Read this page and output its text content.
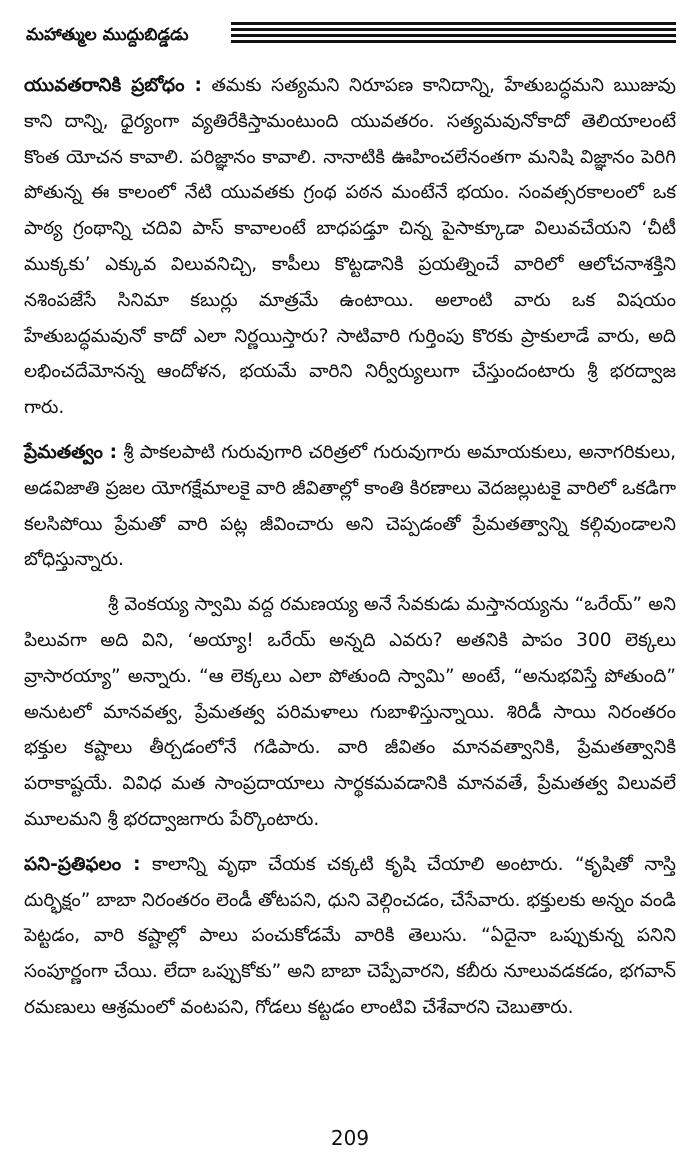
మహాత్ముల ముద్దుబిడ్డడు

యువతరానికి ప్రబోధం : తమకు సత్యమని నిరూపణ కానిదాన్ని, హేతుబద్ధమని ఋజువు కాని దాన్ని, ధైర్యంగా వ్యతిరేకిస్తామంటుంది యువతరం. సత్యమవునోకాదో తెలియాలంటే కొంత యోచన కావాలి. పరిజ్ఞానం కావాలి. నానాటికి ఊహించలేనంతగా మనిషి విజ్ఞానం పెరిగి పోతున్న ఈ కాలంలో నేటి యువతకు గ్రంథ పఠన మంటేనే భయం. సంవత్సరకాలంలో ఒక పాఠ్య గ్రంథాన్ని చదివి పాస్ కావాలంటే బాధపడ్తూ చిన్న పైసాక్కూడా విలువచేయని ‘చీటీ ముక్కకు’ ఎక్కువ విలువనిచ్చి, కాపీలు కొట్టడానికి ప్రయత్నించే వారిలో ఆలోచనాశక్తిని నశింపజేసే సినిమా కబుర్లు మాత్రమే ఉంటాయి. అలాంటి వారు ఒక విషయం హేతుబద్ధమవునో కాదో ఎలా నిర్ణయిస్తారు? సాటివారి గుర్తింపు కొరకు ప్రాకులాడే వారు, అది లభించదేమోనన్న ఆందోళన, భయమే వారిని నిర్వీర్యులుగా చేస్తుందంటారు శ్రీ భరద్వాజ గారు.

ప్రేమతత్వం : శ్రీ పాకలపాటి గురువుగారి చరిత్రలో గురువుగారు అమాయకులు, అనాగరికులు, అడవిజాతి ప్రజల యోగక్షేమాలకై వారి జీవితాల్లో కాంతి కిరణాలు వెదజల్లుటకై వారిలో ఒకడిగా కలసిపోయి ప్రేమతో వారి పట్ల జీవించారు అని చెప్పడంతో ప్రేమతత్వాన్ని కల్గివుండాలని బోధిస్తున్నారు.

శ్రీ వెంకయ్య స్వామి వద్ద రమణయ్య అనే సేవకుడు మస్తానయ్యను “ఒరేయ్” అని పిలువగా అది విని, ‘అయ్యా! ఒరేయ్ అన్నది ఎవరు? అతనికి పాపం 300 లెక్కలు వ్రాసారయ్యా” అన్నారు. “ఆ లెక్కలు ఎలా పోతుంది స్వామి” అంటే, “అనుభవిస్తే పోతుంది” అనుటలో మానవత్వ, ప్రేమతత్వ పరిమళాలు గుబాళిస్తున్నాయి. శిరిడీ సాయి నిరంతరం భక్తుల కష్టాలు తీర్చడంలోనే గడిపారు. వారి జీవితం మానవత్వానికి, ప్రేమతత్వానికి పరాకాష్టయే. వివిధ మత సాంప్రదాయాలు సార్థకమవడానికి మానవతే, ప్రేమతత్వ విలువలే మూలమని శ్రీ భరద్వాజగారు పేర్కొంటారు.

పని-ప్రతిఫలం : కాలాన్ని వృథా చేయక చక్కటి కృషి చేయాలి అంటారు. “కృషితో నాస్తి దుర్భిక్షం” బాబా నిరంతరం లెండీ తోటపని, ధుని వెల్గించడం, చేసేవారు. భక్తులకు అన్నం వండి పెట్టడం, వారి కష్టాల్లో పాలు పంచుకోడమే వారికి తెలుసు. “ఏదైనా ఒప్పుకున్న పనిని సంపూర్ణంగా చేయి. లేదా ఒప్పుకోకు” అని బాబా చెప్పేవారని, కబీరు నూలువడకడం, భగవాన్ రమణులు ఆశ్రమంలో వంటపని, గోడలు కట్టడం లాంటివి చేశేవారని చెబుతారు.

209
